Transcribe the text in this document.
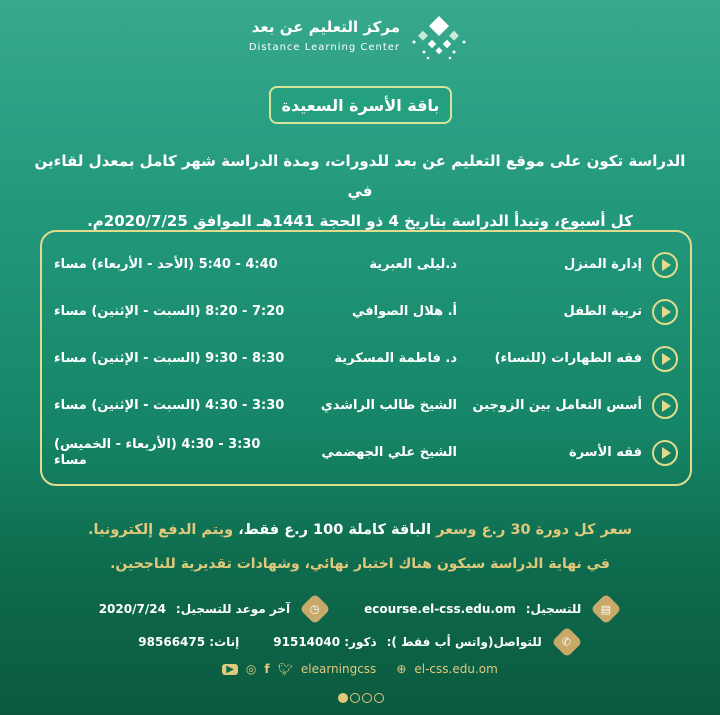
مركز التعليم عن بعد
Distance Learning Center
باقة الأسرة السعيدة
الدراسة تكون على موقع التعليم عن بعد للدورات، ومدة الدراسة شهر كامل بمعدل لقاءين في
كل أسبوع، وتبدأ الدراسة بتاريخ 4 ذو الحجة 1441هـ الموافق 2020/7/25م.
إدارة المنزل
د.ليلى العبرية
4:40 - 5:40 (الأحد - الأربعاء) مساء
تربية الطفل
أ. هلال الصوافي
7:20 - 8:20 (السبت - الإثنين) مساء
فقه الطهارات (للنساء)
د. فاطمة المسكرية
8:30 - 9:30 (السبت - الإثنين) مساء
أسس التعامل بين الزوجين
الشيخ طالب الراشدي
3:30 - 4:30 (السبت - الإثنين) مساء
فقه الأسرة
الشيخ علي الجهضمي
3:30 - 4:30 (الأربعاء - الخميس) مساء
سعر كل دورة 30 ر.ع وسعر الباقة كاملة 100 ر.ع فقط، ويتم الدفع إلكترونيا.
في نهاية الدراسة سيكون هناك اختبار نهائي، وشهادات تقديرية للناجحين.
▤
للتسجيل:
ecourse.el-css.edu.om
◷
آخر موعد للتسجيل:
2020/7/24
✆
للتواصل(واتس أب فقط ):
ذكور: 91514040
إناث: 98566475
▶	◎ f 🐦︎ elearningcss ⊕ el-css.edu.om
